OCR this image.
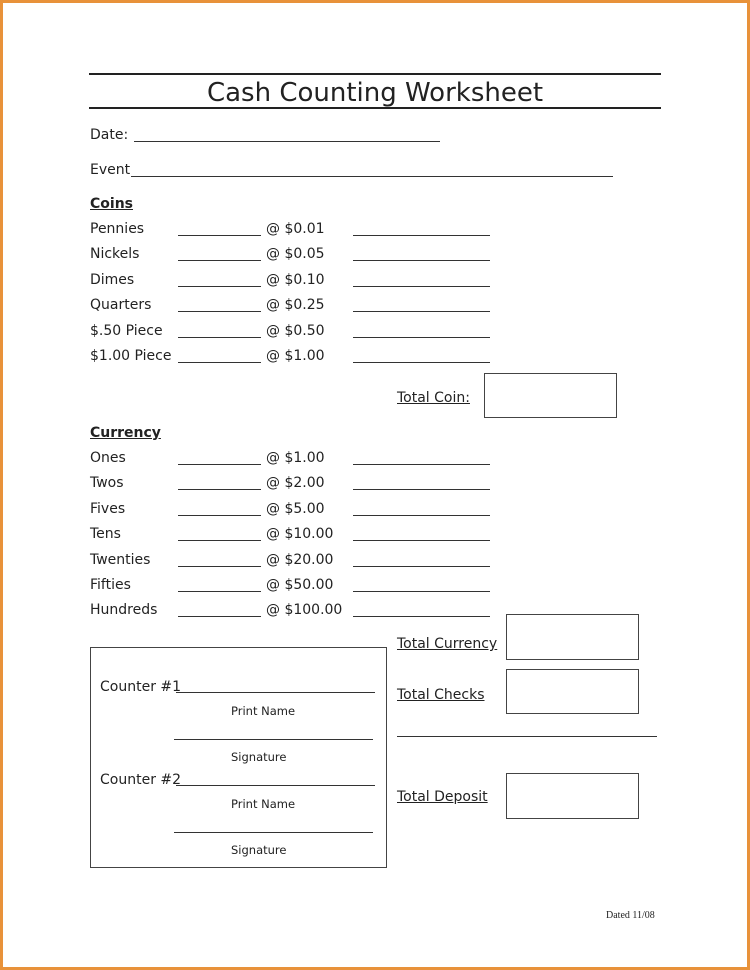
Cash Counting Worksheet
Date:
Event
Coins
Pennies	@ $0.01
Nickels	@ $0.05
Dimes	@ $0.10
Quarters	@ $0.25
$.50 Piece	@ $0.50
$1.00 Piece	@ $1.00
Total Coin:
Currency
Ones	@ $1.00
Twos	@ $2.00
Fives	@ $5.00
Tens	@ $10.00
Twenties	@ $20.00
Fifties	@ $50.00
Hundreds	@ $100.00
Total Currency
Total Checks
Total Deposit
Counter #1
Print Name
Signature
Counter #2
Print Name
Signature
Dated 11/08
